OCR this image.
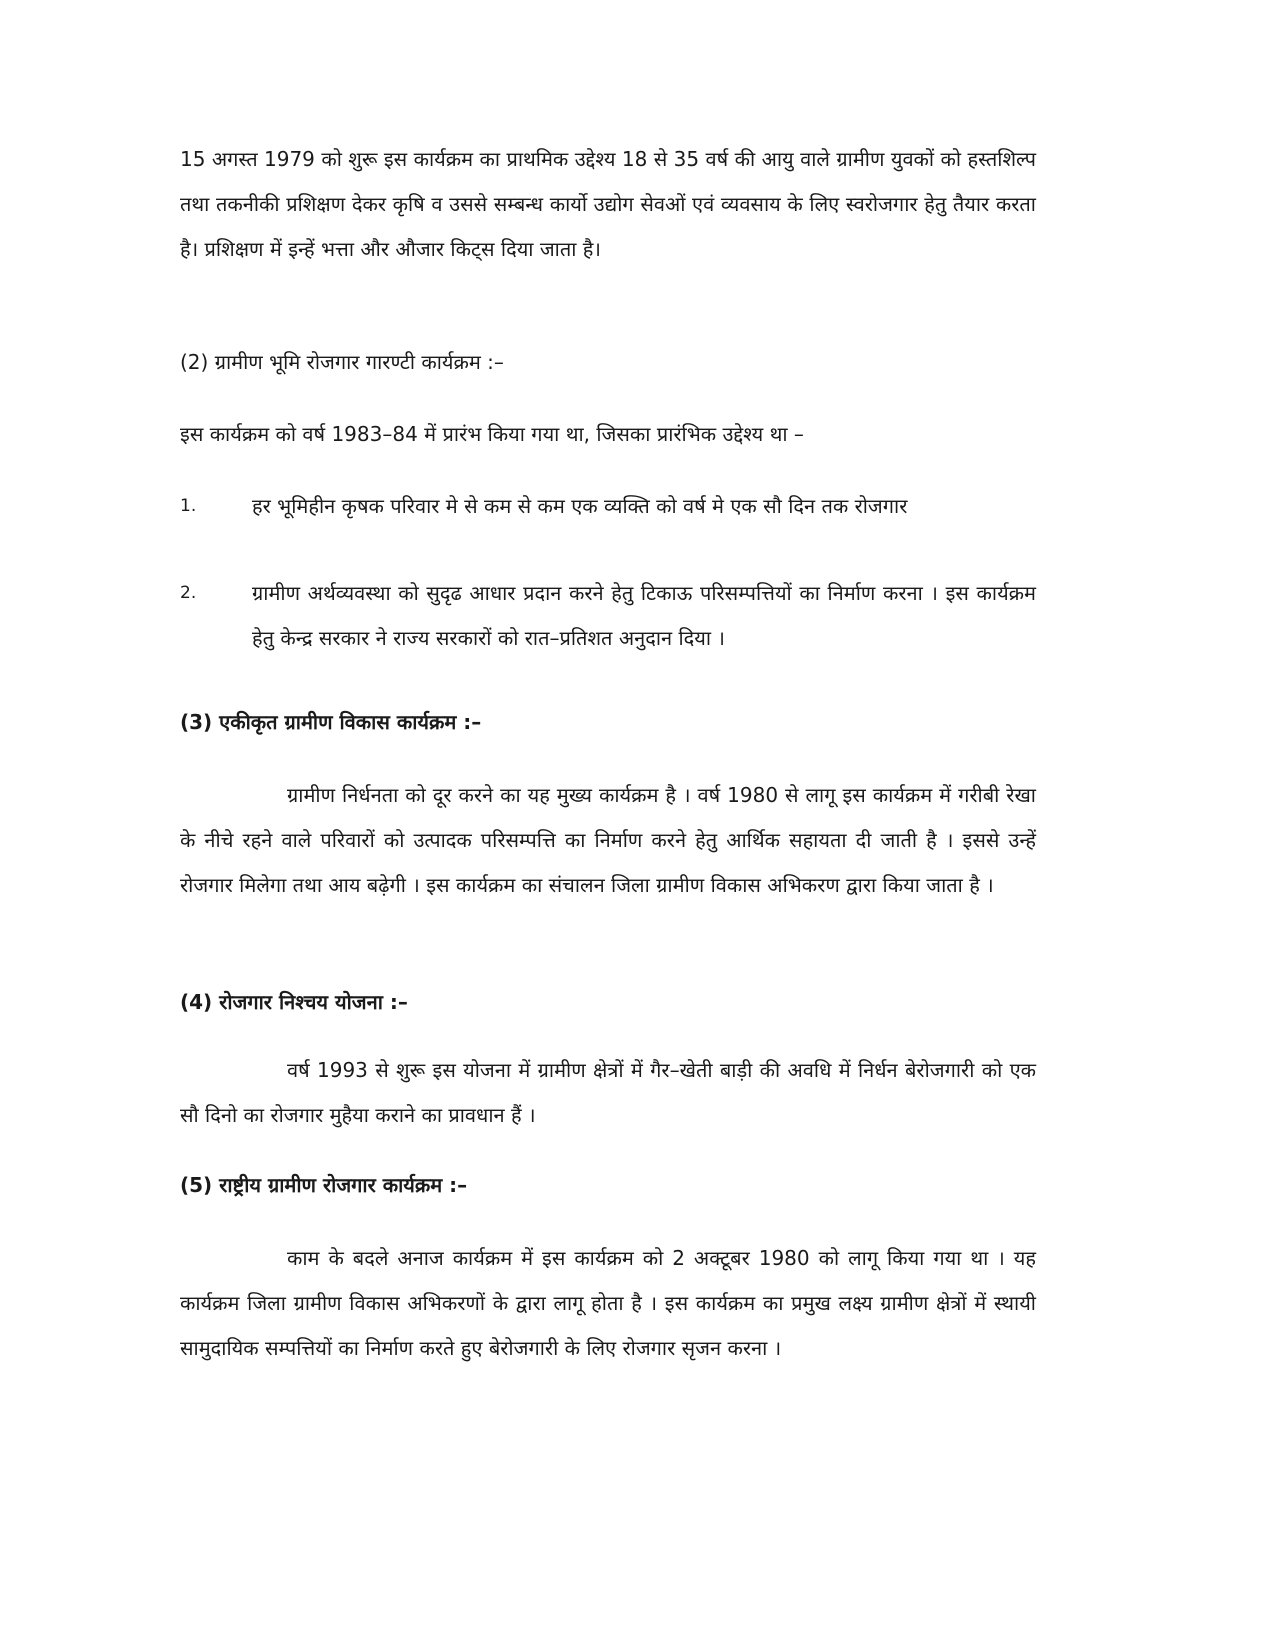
15 अगस्त 1979 को शुरू इस कार्यक्रम का प्राथमिक उद्देश्य 18 से 35 वर्ष की आयु वाले ग्रामीण युवकों को हस्तशिल्प तथा तकनीकी प्रशिक्षण देकर कृषि व उससे सम्बन्ध कार्यो उद्योग सेवओं एवं व्यवसाय के लिए स्वरोजगार हेतु तैयार करता है। प्रशिक्षण में इन्हें भत्ता और औजार किट्स दिया जाता है।

(2) ग्रामीण भूमि रोजगार गारण्टी कार्यक्रम :–

इस कार्यक्रम को वर्ष 1983–84 में प्रारंभ किया गया था, जिसका प्रारंभिक उद्देश्य था –

1.	हर भूमिहीन कृषक परिवार मे से कम से कम एक व्यक्ति को वर्ष मे एक सौ दिन तक रोजगार

2.	ग्रामीण अर्थव्यवस्था को सुदृढ आधार प्रदान करने हेतु टिकाऊ परिसम्पत्तियों का निर्माण करना । इस कार्यक्रम हेतु केन्द्र सरकार ने राज्य सरकारों को रात–प्रतिशत अनुदान दिया ।

(3) एकीकृत ग्रामीण विकास कार्यक्रम :–

ग्रामीण निर्धनता को दूर करने का यह मुख्य कार्यक्रम है । वर्ष 1980 से लागू इस कार्यक्रम में गरीबी रेखा के नीचे रहने वाले परिवारों को उत्पादक परिसम्पत्ति का निर्माण करने हेतु आर्थिक सहायता दी जाती है । इससे उन्हें रोजगार मिलेगा तथा आय बढ़ेगी । इस कार्यक्रम का संचालन जिला ग्रामीण विकास अभिकरण द्वारा किया जाता है ।

(4) रोजगार निश्चय योजना :–

वर्ष 1993 से शुरू इस योजना में ग्रामीण क्षेत्रों में गैर–खेती बाड़ी की अवधि में निर्धन बेरोजगारी को एक सौ दिनो का रोजगार मुहैया कराने का प्रावधान हैं ।

(5) राष्ट्रीय ग्रामीण रोजगार कार्यक्रम :–

काम के बदले अनाज कार्यक्रम में इस कार्यक्रम को 2 अक्टूबर 1980 को लागू किया गया था । यह कार्यक्रम जिला ग्रामीण विकास अभिकरणों के द्वारा लागू होता है । इस कार्यक्रम का प्रमुख लक्ष्य ग्रामीण क्षेत्रों में स्थायी सामुदायिक सम्पत्तियों का निर्माण करते हुए बेरोजगारी के लिए रोजगार सृजन करना ।
